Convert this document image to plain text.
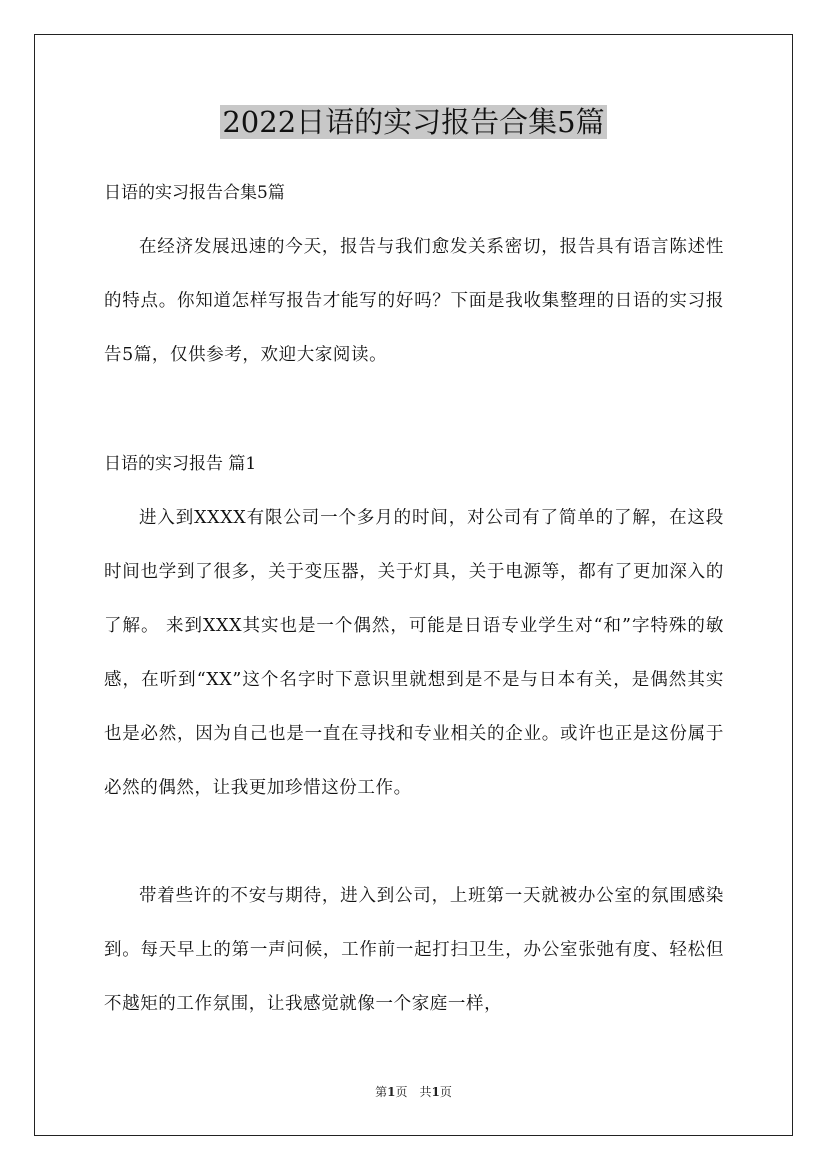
2022日语的实习报告合集5篇
日语的实习报告合集5篇

在经济发展迅速的今天，报告与我们愈发关系密切，报告具有语言陈述性的特点。你知道怎样写报告才能写的好吗？下面是我收集整理的日语的实习报告5篇，仅供参考，欢迎大家阅读。

日语的实习报告 篇1

进入到XXXX有限公司一个多月的时间，对公司有了简单的了解，在这段时间也学到了很多，关于变压器，关于灯具，关于电源等，都有了更加深入的了解。 来到XXX其实也是一个偶然，可能是日语专业学生对“和”字特殊的敏感，在听到“XX”这个名字时下意识里就想到是不是与日本有关，是偶然其实也是必然，因为自己也是一直在寻找和专业相关的企业。或许也正是这份属于必然的偶然，让我更加珍惜这份工作。

带着些许的不安与期待，进入到公司，上班第一天就被办公室的氛围感染到。每天早上的第一声问候，工作前一起打扫卫生，办公室张弛有度、轻松但不越矩的工作氛围，让我感觉就像一个家庭一样，

第1页 共1页
